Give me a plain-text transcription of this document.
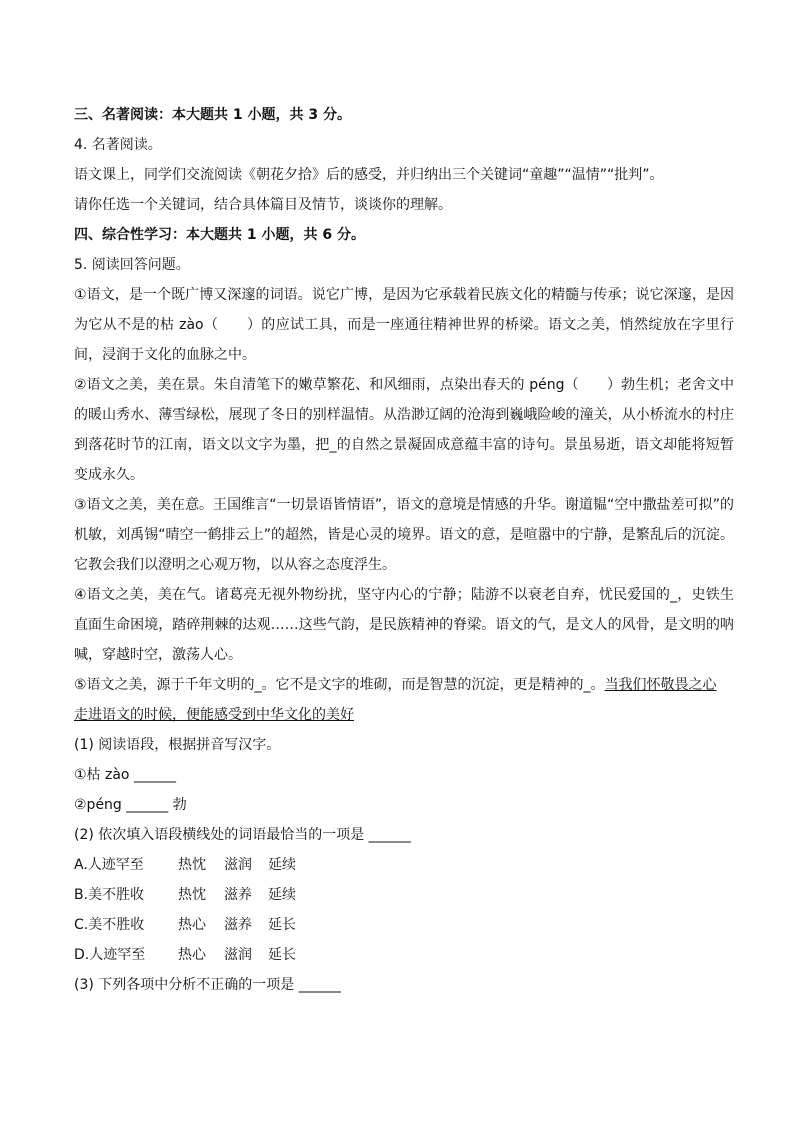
三、名著阅读：本大题共 1 小题，共 3 分。
4. 名著阅读。
语文课上，同学们交流阅读《朝花夕拾》后的感受，并归纳出三个关键词“童趣”“温情”“批判”。
请你任选一个关键词，结合具体篇目及情节，谈谈你的理解。
四、综合性学习：本大题共 1 小题，共 6 分。
5. 阅读回答问题。
①语文，是一个既广博又深邃的词语。说它广博，是因为它承载着民族文化的精髓与传承；说它深邃，是因为它从不是的枯 zào（　　）的应试工具，而是一座通往精神世界的桥梁。语文之美，悄然绽放在字里行间，浸润于文化的血脉之中。
②语文之美，美在景。朱自清笔下的嫩草繁花、和风细雨，点染出春天的 péng（　　）勃生机；老舍文中的暖山秀水、薄雪绿松，展现了冬日的别样温情。从浩渺辽阔的沧海到巍峨险峻的潼关，从小桥流水的村庄到落花时节的江南，语文以文字为墨，把_的自然之景凝固成意蕴丰富的诗句。景虽易逝，语文却能将短暂变成永久。
③语文之美，美在意。王国维言“一切景语皆情语”，语文的意境是情感的升华。谢道韫“空中撒盐差可拟”的机敏，刘禹锡“晴空一鹤排云上”的超然，皆是心灵的境界。语文的意，是喧嚣中的宁静，是繁乱后的沉淀。它教会我们以澄明之心观万物，以从容之态度浮生。
④语文之美，美在气。诸葛亮无视外物纷扰，坚守内心的宁静；陆游不以衰老自弃，忧民爱国的_，史铁生直面生命困境，踏碎荆棘的达观……这些气韵，是民族精神的脊梁。语文的气，是文人的风骨，是文明的呐喊，穿越时空，激荡人心。
⑤语文之美，源于千年文明的_。它不是文字的堆砌，而是智慧的沉淀，更是精神的_。当我们怀敬畏之心
走进语文的时候，便能感受到中华文化的美好
(1) 阅读语段，根据拼音写汉字。
①枯 zào ______
②péng ______ 勃
(2) 依次填入语段横线处的词语最恰当的一项是 ______
A.人迹罕至	热忱	滋润	延续
B.美不胜收	热忱	滋养	延续
C.美不胜收	热心	滋养	延长
D.人迹罕至	热心	滋润	延长
(3) 下列各项中分析不正确的一项是 ______
